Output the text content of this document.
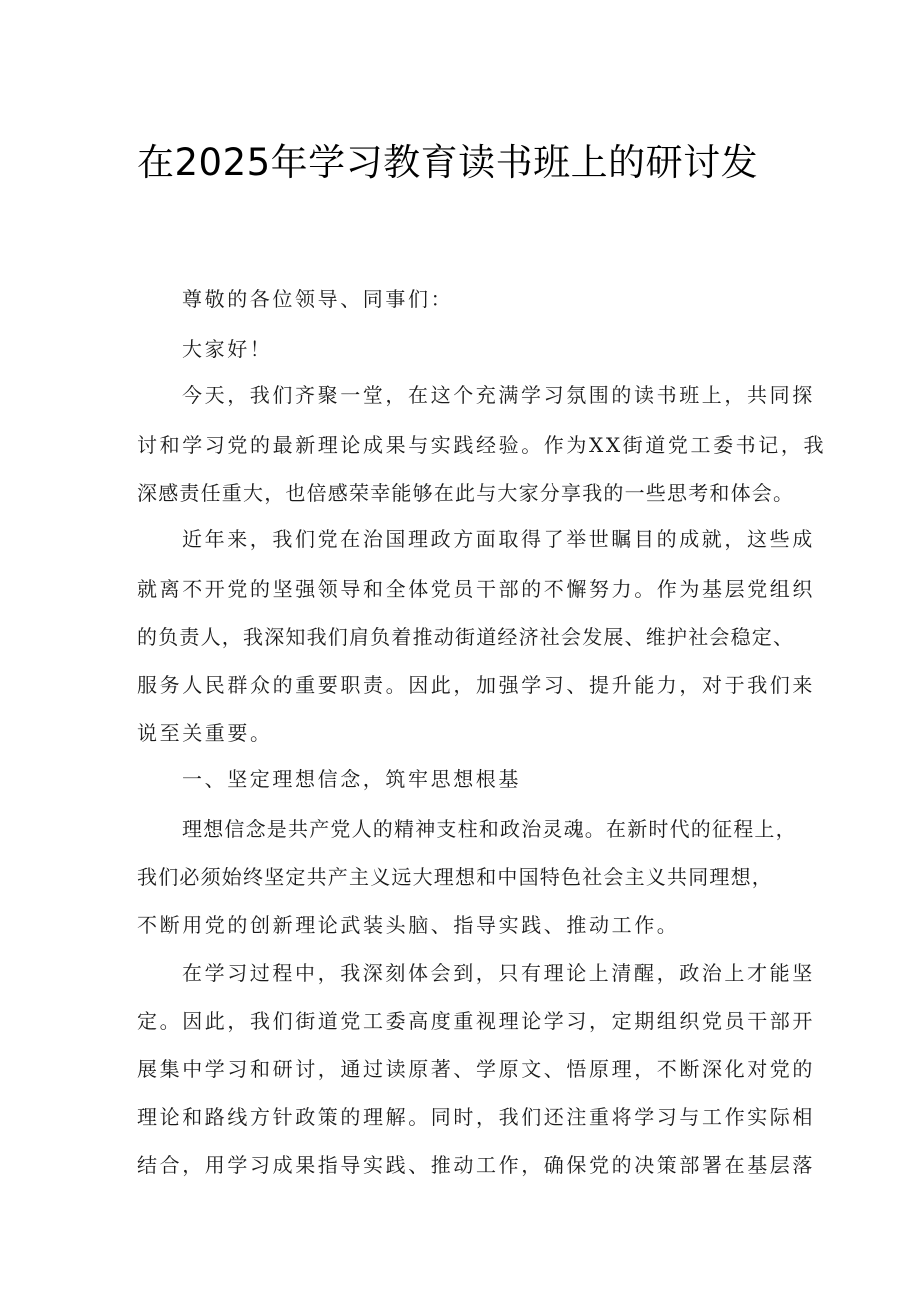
在2025年学习教育读书班上的研讨发

尊敬的各位领导、同事们：

大家好！

今天，我们齐聚一堂，在这个充满学习氛围的读书班上，共同探

讨和学习党的最新理论成果与实践经验。作为XX街道党工委书记，我

深感责任重大，也倍感荣幸能够在此与大家分享我的一些思考和体会。

近年来，我们党在治国理政方面取得了举世瞩目的成就，这些成

就离不开党的坚强领导和全体党员干部的不懈努力。作为基层党组织

的负责人，我深知我们肩负着推动街道经济社会发展、维护社会稳定、

服务人民群众的重要职责。因此，加强学习、提升能力，对于我们来

说至关重要。

一、坚定理想信念，筑牢思想根基

理想信念是共产党人的精神支柱和政治灵魂。在新时代的征程上，

我们必须始终坚定共产主义远大理想和中国特色社会主义共同理想，

不断用党的创新理论武装头脑、指导实践、推动工作。

在学习过程中，我深刻体会到，只有理论上清醒，政治上才能坚

定。因此，我们街道党工委高度重视理论学习，定期组织党员干部开

展集中学习和研讨，通过读原著、学原文、悟原理，不断深化对党的

理论和路线方针政策的理解。同时，我们还注重将学习与工作实际相

结合，用学习成果指导实践、推动工作，确保党的决策部署在基层落
